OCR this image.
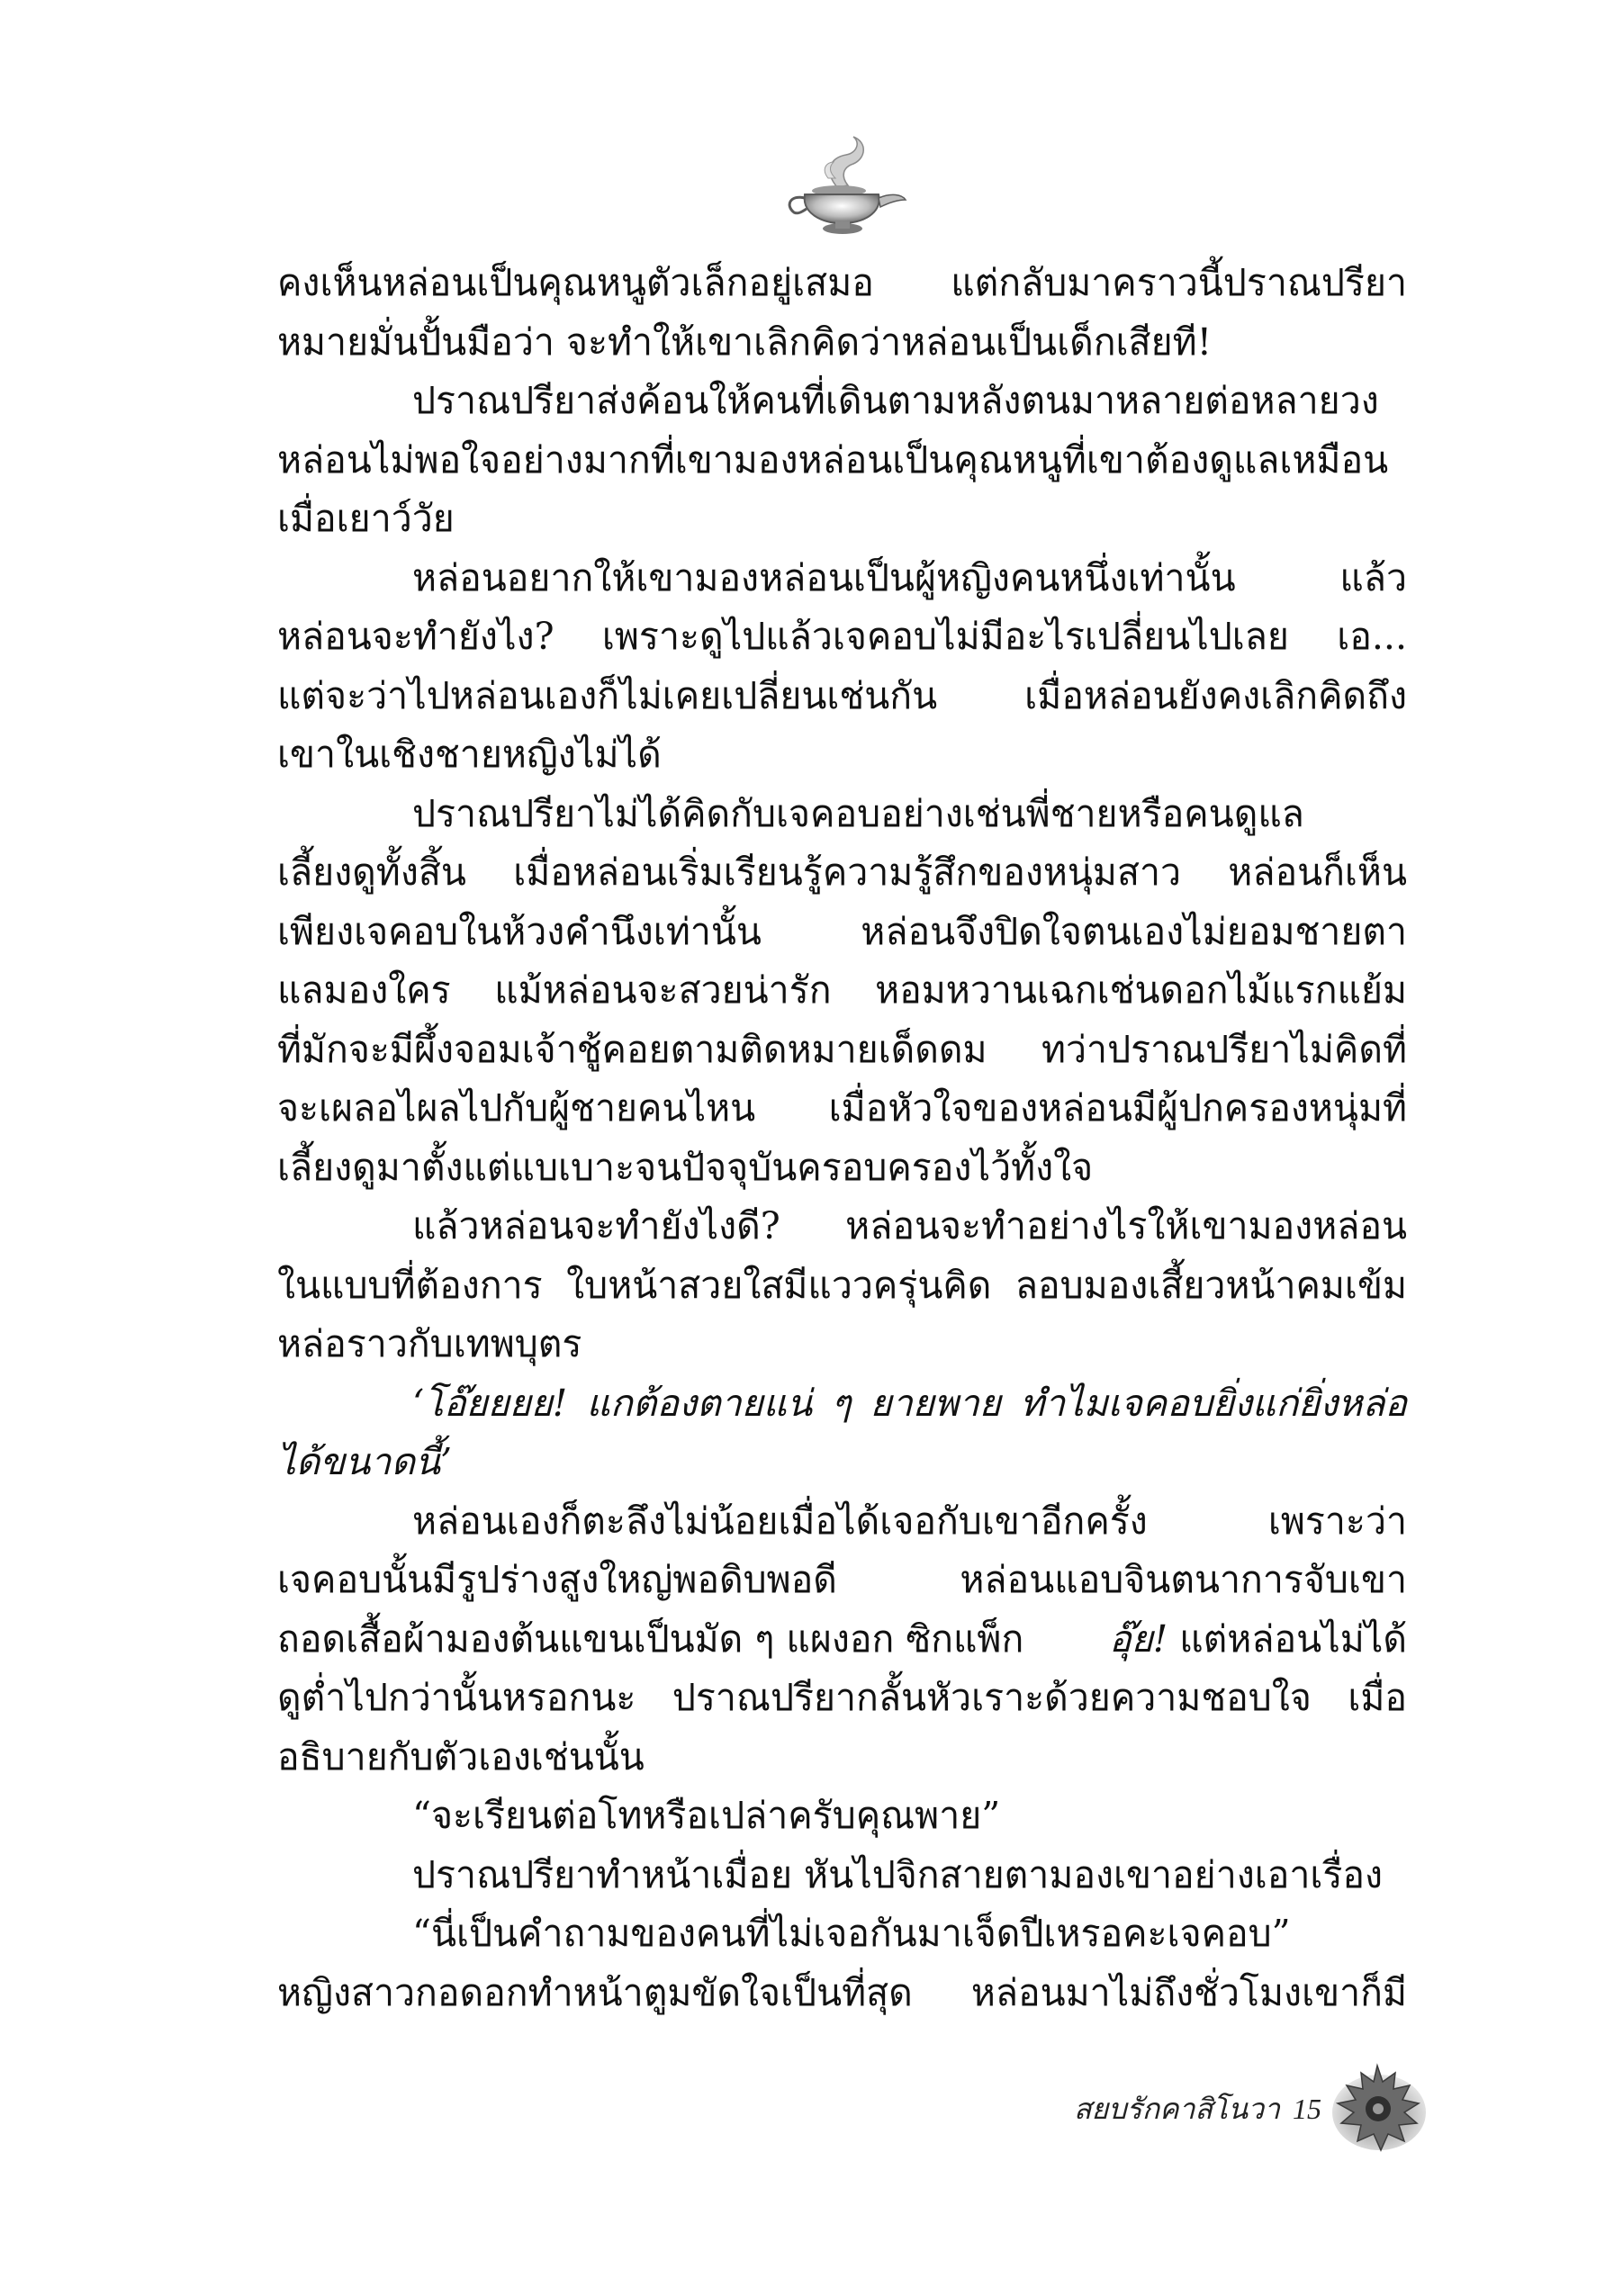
คงเห็นหล่อนเป็นคุณหนูตัวเล็กอยู่เสมอ แต่กลับมาคราวนี้ปราณปรียา
หมายมั่นปั้นมือว่า จะทำให้เขาเลิกคิดว่าหล่อนเป็นเด็กเสียที!
ปราณปรียาส่งค้อนให้คนที่เดินตามหลังตนมาหลายต่อหลายวง
หล่อนไม่พอใจอย่างมากที่เขามองหล่อนเป็นคุณหนูที่เขาต้องดูแลเหมือน
เมื่อเยาว์วัย
หล่อนอยากให้เขามองหล่อนเป็นผู้หญิงคนหนึ่งเท่านั้น แล้ว
หล่อนจะทำยังไง? เพราะดูไปแล้วเจคอบไม่มีอะไรเปลี่ยนไปเลย เอ...
แต่จะว่าไปหล่อนเองก็ไม่เคยเปลี่ยนเช่นกัน เมื่อหล่อนยังคงเลิกคิดถึง
เขาในเชิงชายหญิงไม่ได้
ปราณปรียาไม่ได้คิดกับเจคอบอย่างเช่นพี่ชายหรือคนดูแล
เลี้ยงดูทั้งสิ้น เมื่อหล่อนเริ่มเรียนรู้ความรู้สึกของหนุ่มสาว หล่อนก็เห็น
เพียงเจคอบในห้วงคำนึงเท่านั้น หล่อนจึงปิดใจตนเองไม่ยอมชายตา
แลมองใคร แม้หล่อนจะสวยน่ารัก หอมหวานเฉกเช่นดอกไม้แรกแย้ม
ที่มักจะมีผึ้งจอมเจ้าชู้คอยตามติดหมายเด็ดดม ทว่าปราณปรียาไม่คิดที่
จะเผลอไผลไปกับผู้ชายคนไหน เมื่อหัวใจของหล่อนมีผู้ปกครองหนุ่มที่
เลี้ยงดูมาตั้งแต่แบเบาะจนปัจจุบันครอบครองไว้ทั้งใจ
แล้วหล่อนจะทำยังไงดี? หล่อนจะทำอย่างไรให้เขามองหล่อน
ในแบบที่ต้องการ ใบหน้าสวยใสมีแววครุ่นคิด ลอบมองเสี้ยวหน้าคมเข้ม
หล่อราวกับเทพบุตร
‘โอ๊ยยยย! แกต้องตายแน่ ๆ ยายพาย ทำไมเจคอบยิ่งแก่ยิ่งหล่อ
ได้ขนาดนี้’
หล่อนเองก็ตะลึงไม่น้อยเมื่อได้เจอกับเขาอีกครั้ง เพราะว่า
เจคอบนั้นมีรูปร่างสูงใหญ่พอดิบพอดี หล่อนแอบจินตนาการจับเขา
ถอดเสื้อผ้ามองต้นแขนเป็นมัด ๆ แผงอก ซิกแพ็ก อุ๊ย! แต่หล่อนไม่ได้
ดูต่ำไปกว่านั้นหรอกนะ ปราณปรียากลั้นหัวเราะด้วยความชอบใจ เมื่อ
อธิบายกับตัวเองเช่นนั้น
“จะเรียนต่อโทหรือเปล่าครับคุณพาย”
ปราณปรียาทำหน้าเมื่อย หันไปจิกสายตามองเขาอย่างเอาเรื่อง
“นี่เป็นคำถามของคนที่ไม่เจอกันมาเจ็ดปีเหรอคะเจคอบ”
หญิงสาวกอดอกทำหน้าตูมขัดใจเป็นที่สุด หล่อนมาไม่ถึงชั่วโมงเขาก็มี
สยบรักคาสิโนวา 15
